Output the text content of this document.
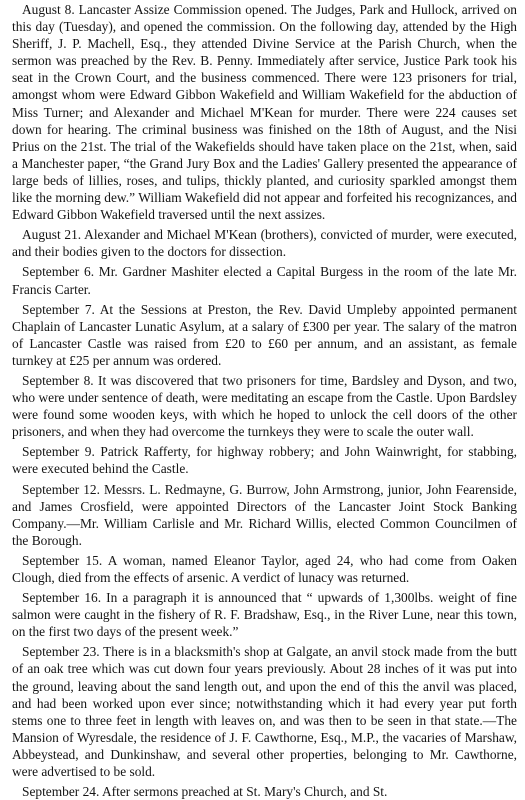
August 8. Lancaster Assize Commission opened. The Judges, Park and Hullock, arrived on this day (Tuesday), and opened the commission. On the following day, attended by the High Sheriff, J. P. Machell, Esq., they attended Divine Service at the Parish Church, when the sermon was preached by the Rev. B. Penny. Immediately after service, Justice Park took his seat in the Crown Court, and the business commenced. There were 123 prisoners for trial, amongst whom were Edward Gibbon Wakefield and William Wakefield for the abduction of Miss Turner; and Alexander and Michael M'Kean for murder. There were 224 causes set down for hearing. The criminal business was finished on the 18th of August, and the Nisi Prius on the 21st. The trial of the Wakefields should have taken place on the 21st, when, said a Manchester paper, “the Grand Jury Box and the Ladies' Gallery presented the appearance of large beds of lillies, roses, and tulips, thickly planted, and curiosity sparkled amongst them like the morning dew.” William Wakefield did not appear and forfeited his recognizances, and Edward Gibbon Wakefield traversed until the next assizes.

August 21. Alexander and Michael M'Kean (brothers), convicted of murder, were executed, and their bodies given to the doctors for dissection.

September 6. Mr. Gardner Mashiter elected a Capital Burgess in the room of the late Mr. Francis Carter.

September 7. At the Sessions at Preston, the Rev. David Umpleby appointed permanent Chaplain of Lancaster Lunatic Asylum, at a salary of £300 per year. The salary of the matron of Lancaster Castle was raised from £20 to £60 per annum, and an assistant, as female turnkey at £25 per annum was ordered.

September 8. It was discovered that two prisoners for time, Bardsley and Dyson, and two, who were under sentence of death, were meditating an escape from the Castle. Upon Bardsley were found some wooden keys, with which he hoped to unlock the cell doors of the other prisoners, and when they had overcome the turnkeys they were to scale the outer wall.

September 9. Patrick Rafferty, for highway robbery; and John Wainwright, for stabbing, were executed behind the Castle.

September 12. Messrs. L. Redmayne, G. Burrow, John Armstrong, junior, John Fearenside, and James Crosfield, were appointed Directors of the Lancaster Joint Stock Banking Company.—Mr. William Carlisle and Mr. Richard Willis, elected Common Councilmen of the Borough.

September 15. A woman, named Eleanor Taylor, aged 24, who had come from Oaken Clough, died from the effects of arsenic. A verdict of lunacy was returned.

September 16. In a paragraph it is announced that “ upwards of 1,300lbs. weight of fine salmon were caught in the fishery of R. F. Bradshaw, Esq., in the River Lune, near this town, on the first two days of the present week.”

September 23. There is in a blacksmith's shop at Galgate, an anvil stock made from the butt of an oak tree which was cut down four years previously. About 28 inches of it was put into the ground, leaving about the sand length out, and upon the end of this the anvil was placed, and had been worked upon ever since; notwithstanding which it had every year put forth stems one to three feet in length with leaves on, and was then to be seen in that state.—The Mansion of Wyresdale, the residence of J. F. Cawthorne, Esq., M.P., the vacaries of Marshaw, Abbeystead, and Dunkinshaw, and several other properties, belonging to Mr. Cawthorne, were advertised to be sold.

September 24. After sermons preached at St. Mary's Church, and St.
